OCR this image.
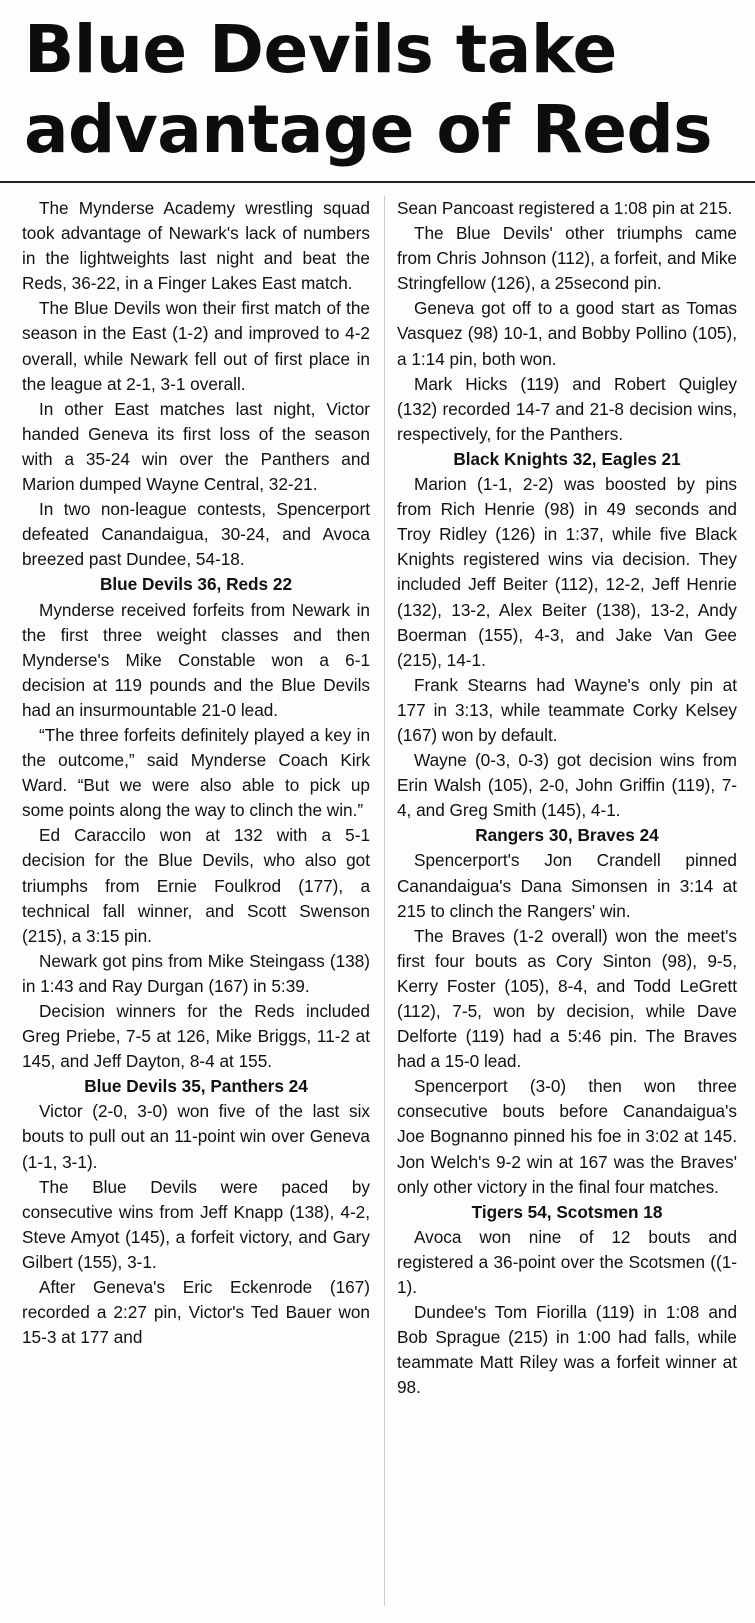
Blue Devils take
advantage of Reds

The Mynderse Academy wrestling squad took advantage of Newark's lack of numbers in the lightweights last night and beat the Reds, 36-22, in a Finger Lakes East match.

The Blue Devils won their first match of the season in the East (1-2) and improved to 4-2 overall, while Newark fell out of first place in the league at 2-1, 3-1 overall.

In other East matches last night, Victor handed Geneva its first loss of the season with a 35-24 win over the Panthers and Marion dumped Wayne Central, 32-21.

In two non-league contests, Spencerport defeated Canandaigua, 30-24, and Avoca breezed past Dundee, 54-18.

Blue Devils 36, Reds 22

Mynderse received forfeits from Newark in the first three weight classes and then Mynderse's Mike Constable won a 6-1 decision at 119 pounds and the Blue Devils had an insurmountable 21-0 lead.

“The three forfeits definitely played a key in the outcome,” said Mynderse Coach Kirk Ward. “But we were also able to pick up some points along the way to clinch the win.”

Ed Caraccilo won at 132 with a 5-1 decision for the Blue Devils, who also got triumphs from Ernie Foulkrod (177), a technical fall winner, and Scott Swenson (215), a 3:15 pin.

Newark got pins from Mike Steingass (138) in 1:43 and Ray Durgan (167) in 5:39.

Decision winners for the Reds included Greg Priebe, 7-5 at 126, Mike Briggs, 11-2 at 145, and Jeff Dayton, 8-4 at 155.

Blue Devils 35, Panthers 24

Victor (2-0, 3-0) won five of the last six bouts to pull out an 11-point win over Geneva (1-1, 3-1).

The Blue Devils were paced by consecutive wins from Jeff Knapp (138), 4-2, Steve Amyot (145), a forfeit victory, and Gary Gilbert (155), 3-1.

After Geneva's Eric Eckenrode (167) recorded a 2:27 pin, Victor's Ted Bauer won 15-3 at 177 and

Sean Pancoast registered a 1:08 pin at 215.

The Blue Devils' other triumphs came from Chris Johnson (112), a forfeit, and Mike Stringfellow (126), a 25second pin.

Geneva got off to a good start as Tomas Vasquez (98) 10-1, and Bobby Pollino (105), a 1:14 pin, both won.

Mark Hicks (119) and Robert Quigley (132) recorded 14-7 and 21-8 decision wins, respectively, for the Panthers.

Black Knights 32, Eagles 21

Marion (1-1, 2-2) was boosted by pins from Rich Henrie (98) in 49 seconds and Troy Ridley (126) in 1:37, while five Black Knights registered wins via decision. They included Jeff Beiter (112), 12-2, Jeff Henrie (132), 13-2, Alex Beiter (138), 13-2, Andy Boerman (155), 4-3, and Jake Van Gee (215), 14-1.

Frank Stearns had Wayne's only pin at 177 in 3:13, while teammate Corky Kelsey (167) won by default.

Wayne (0-3, 0-3) got decision wins from Erin Walsh (105), 2-0, John Griffin (119), 7-4, and Greg Smith (145), 4-1.

Rangers 30, Braves 24

Spencerport's Jon Crandell pinned Canandaigua's Dana Simonsen in 3:14 at 215 to clinch the Rangers' win.

The Braves (1-2 overall) won the meet's first four bouts as Cory Sinton (98), 9-5, Kerry Foster (105), 8-4, and Todd LeGrett (112), 7-5, won by decision, while Dave Delforte (119) had a 5:46 pin. The Braves had a 15-0 lead.

Spencerport (3-0) then won three consecutive bouts before Canandaigua's Joe Bognanno pinned his foe in 3:02 at 145. Jon Welch's 9-2 win at 167 was the Braves' only other victory in the final four matches.

Tigers 54, Scotsmen 18

Avoca won nine of 12 bouts and registered a 36-point over the Scotsmen ((1-1).

Dundee's Tom Fiorilla (119) in 1:08 and Bob Sprague (215) in 1:00 had falls, while teammate Matt Riley was a forfeit winner at 98.
